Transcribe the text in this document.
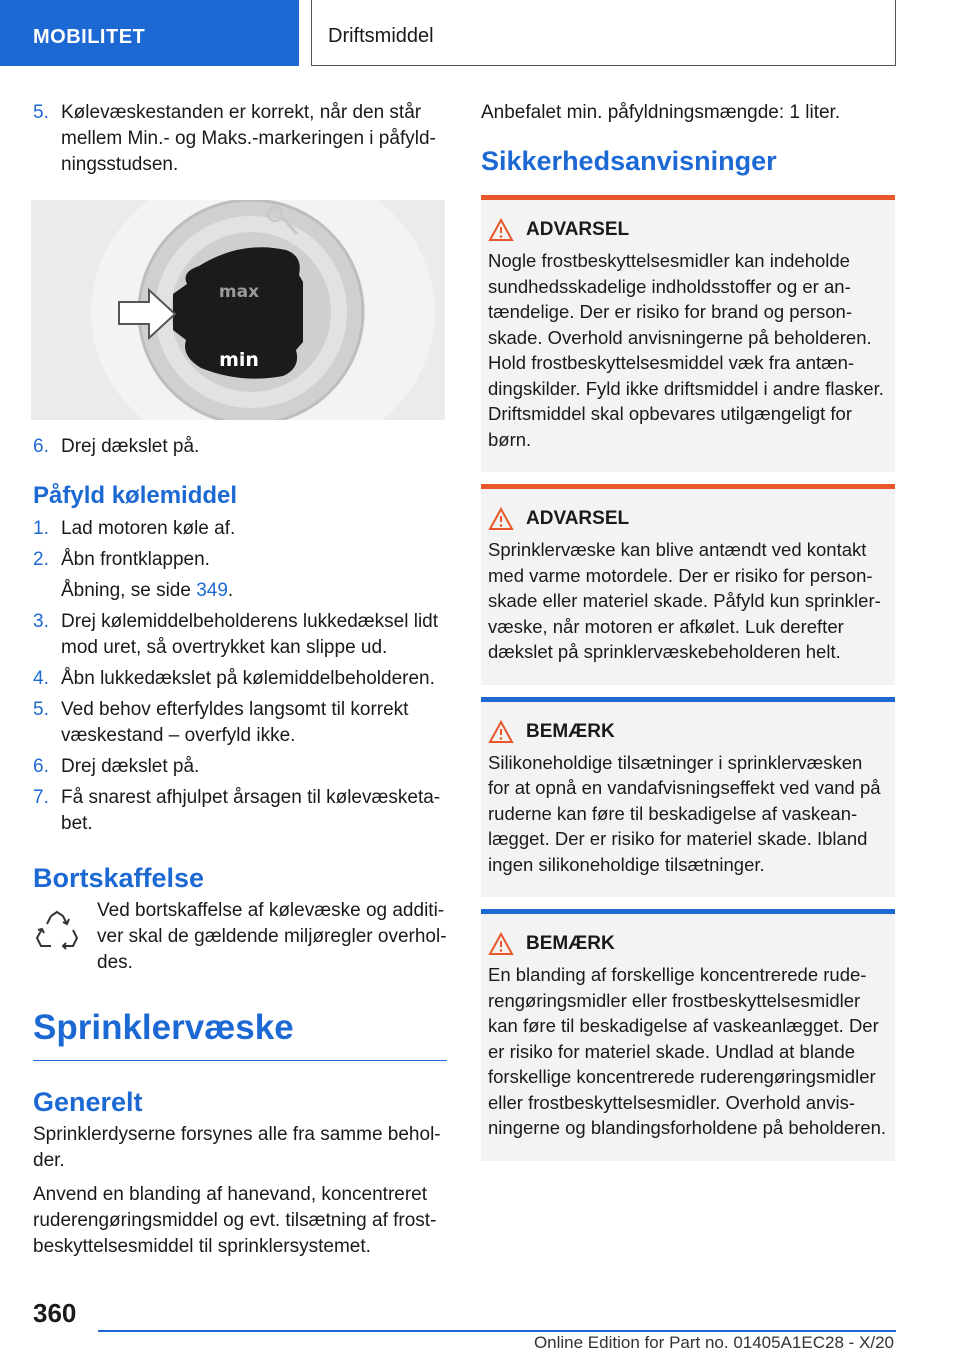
MOBILITET	Driftsmiddel
5. Kølevæskestanden er korrekt, når den står mellem Min.- og Maks.-markeringen i påfyldningsstudsen.
max
min
6. Drej dækslet på.
Påfyld kølemiddel
1. Lad motoren køle af.
2. Åbn frontklappen.
Åbning, se side 349.
3. Drej kølemiddelbeholderens lukkedæksel lidt mod uret, så overtrykket kan slippe ud.
4. Åbn lukkedækslet på kølemiddelbeholderen.
5. Ved behov efterfyldes langsomt til korrekt væskestand – overfyld ikke.
6. Drej dækslet på.
7. Få snarest afhjulpet årsagen til kølevæsketabet.
Bortskaffelse
Ved bortskaffelse af kølevæske og additiver skal de gældende miljøregler overholdes.
Sprinklervæske
Generelt
Sprinklerdyserne forsynes alle fra samme beholder.
Anvend en blanding af hanevand, koncentreret ruderengøringsmiddel og evt. tilsætning af frostbeskyttelsesmiddel til sprinklersystemet.
Anbefalet min. påfyldningsmængde: 1 liter.
Sikkerhedsanvisninger
ADVARSEL
Nogle frostbeskyttelsesmidler kan indeholde sundhedsskadelige indholdsstoffer og er antændelige. Der er risiko for brand og personskade. Overhold anvisningerne på beholderen. Hold frostbeskyttelsesmiddel væk fra antændingskilder. Fyld ikke driftsmiddel i andre flasker. Driftsmiddel skal opbevares utilgængeligt for børn.
ADVARSEL
Sprinklervæske kan blive antændt ved kontakt med varme motordele. Der er risiko for personskade eller materiel skade. Påfyld kun sprinklervæske, når motoren er afkølet. Luk derefter dækslet på sprinklervæskebeholderen helt.
BEMÆRK
Silikoneholdige tilsætninger i sprinklervæsken for at opnå en vandafvisningseffekt ved vand på ruderne kan føre til beskadigelse af vaskeanlægget. Der er risiko for materiel skade. Ibland ingen silikoneholdige tilsætninger.
BEMÆRK
En blanding af forskellige koncentrerede ruderengøringsmidler eller frostbeskyttelsesmidler kan føre til beskadigelse af vaskeanlægget. Der er risiko for materiel skade. Undlad at blande forskellige koncentrerede ruderengøringsmidler eller frostbeskyttelsesmidler. Overhold anvisningerne og blandingsforholdene på beholderen.
360
Online Edition for Part no. 01405A1EC28 - X/20
